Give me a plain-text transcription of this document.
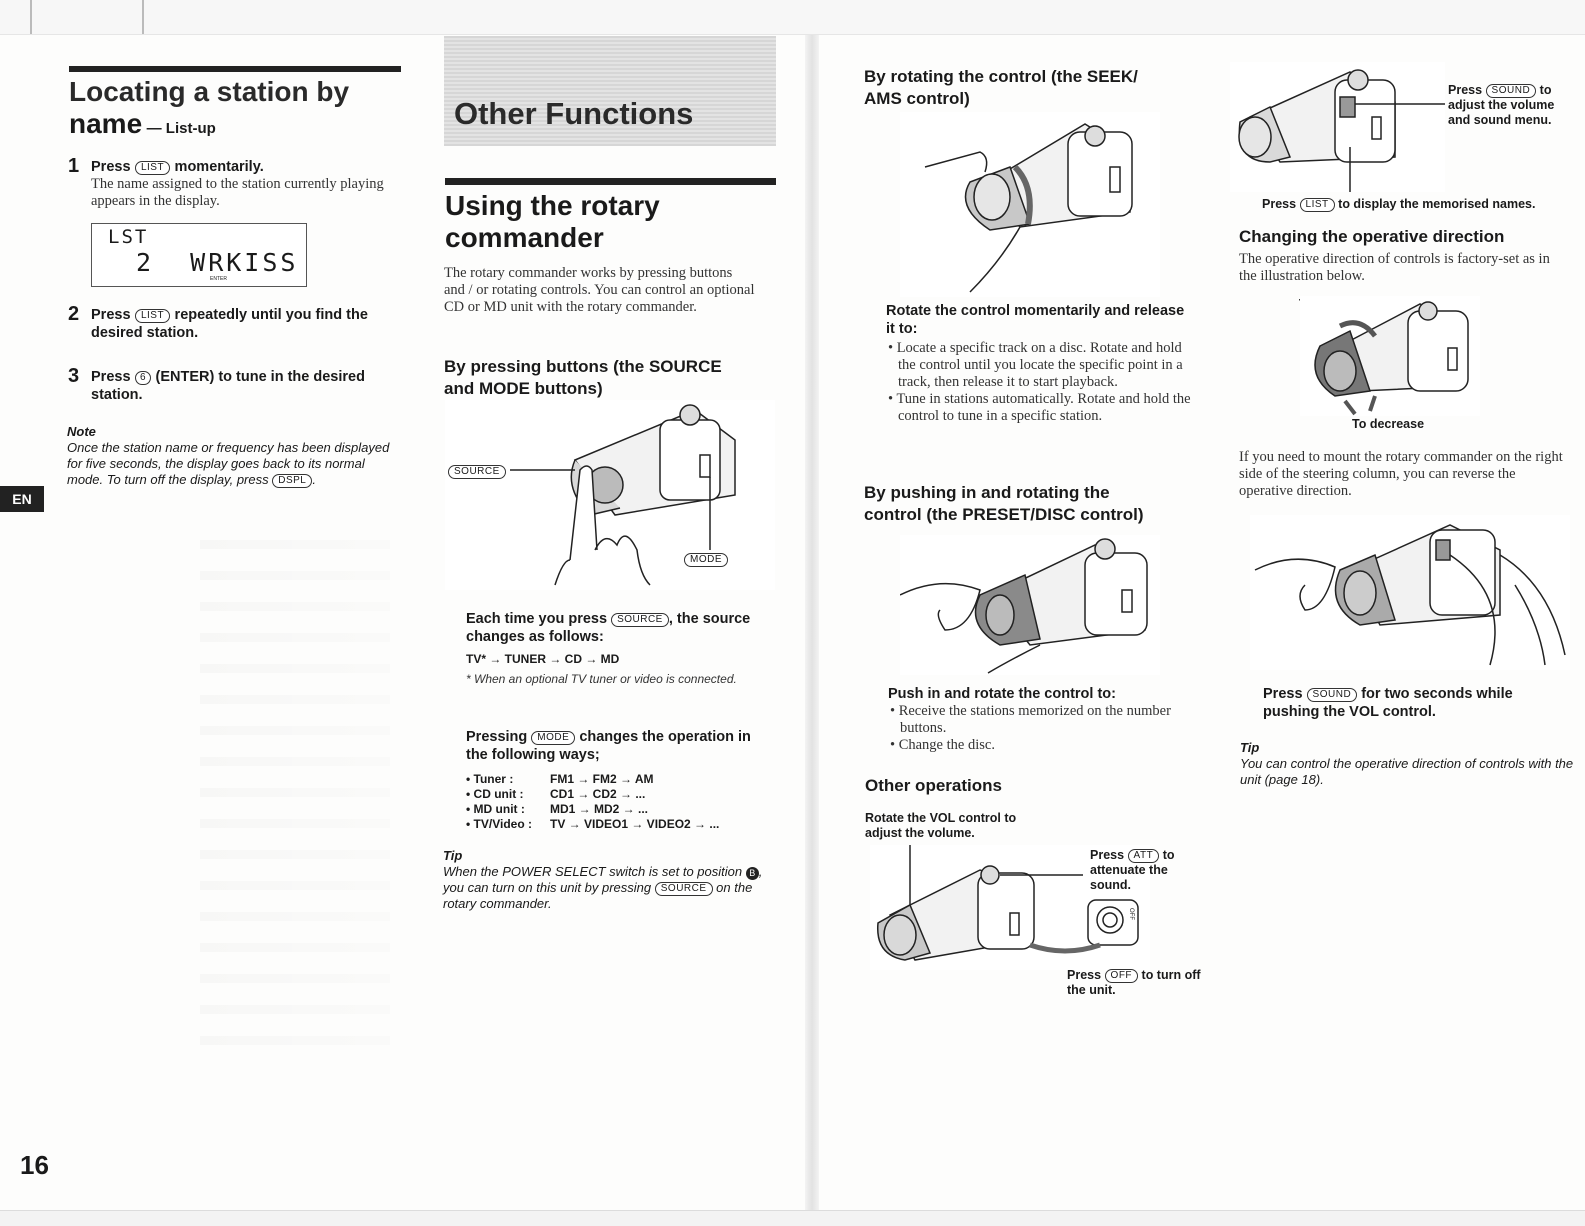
Locating a station by
name — List-up
1 Press LIST momentarily.
The name assigned to the station currently playing appears in the display.
LST
2  WRKISS
ENTER
2 Press LIST repeatedly until you find the desired station.
3 Press 6 (ENTER) to tune in the desired station.
Note
Once the station name or frequency has been displayed for five seconds, the display goes back to its normal mode. To turn off the display, press DSPL .
EN
16
Other Functions
Using the rotary
commander
The rotary commander works by pressing buttons and / or rotating controls. You can control an optional CD or MD unit with the rotary commander.
By pressing buttons (the SOURCE
and MODE buttons)
SOURCE
MODE
Each time you press SOURCE , the source changes as follows:
TV* → TUNER → CD → MD
* When an optional TV tuner or video is connected.
Pressing MODE changes the operation in the following ways;
• Tuner :	FM1 → FM2 → AM
• CD unit : CD1 → CD2 → ...
• MD unit : MD1 → MD2 → ...
• TV/Video : TV → VIDEO1 → VIDEO2 → ...
Tip
When the POWER SELECT switch is set to position B , you can turn on this unit by pressing SOURCE on the rotary commander.
By rotating the control (the SEEK/
AMS control)
Rotate the control momentarily and release it to:
• Locate a specific track on a disc. Rotate and hold the control until you locate the specific point in a track, then release it to start playback.
• Tune in stations automatically. Rotate and hold the control to tune in a specific station.
By pushing in and rotating the
control (the PRESET/DISC control)
Push in and rotate the control to:
• Receive the stations memorized on the number buttons.
• Change the disc.
Other operations
Rotate the VOL control to adjust the volume.
OFF
Press ATT to attenuate the sound.
Press OFF to turn off the unit.
Press SOUND to adjust the volume and sound menu.
Press LIST to display the memorised names.
Changing the operative direction
The operative direction of controls is factory-set as in the illustration below.
To increase
To decrease
If you need to mount the rotary commander on the right side of the steering column, you can reverse the operative direction.
Press SOUND for two seconds while pushing the VOL control.
Tip
You can control the operative direction of controls with the unit (page 18).
